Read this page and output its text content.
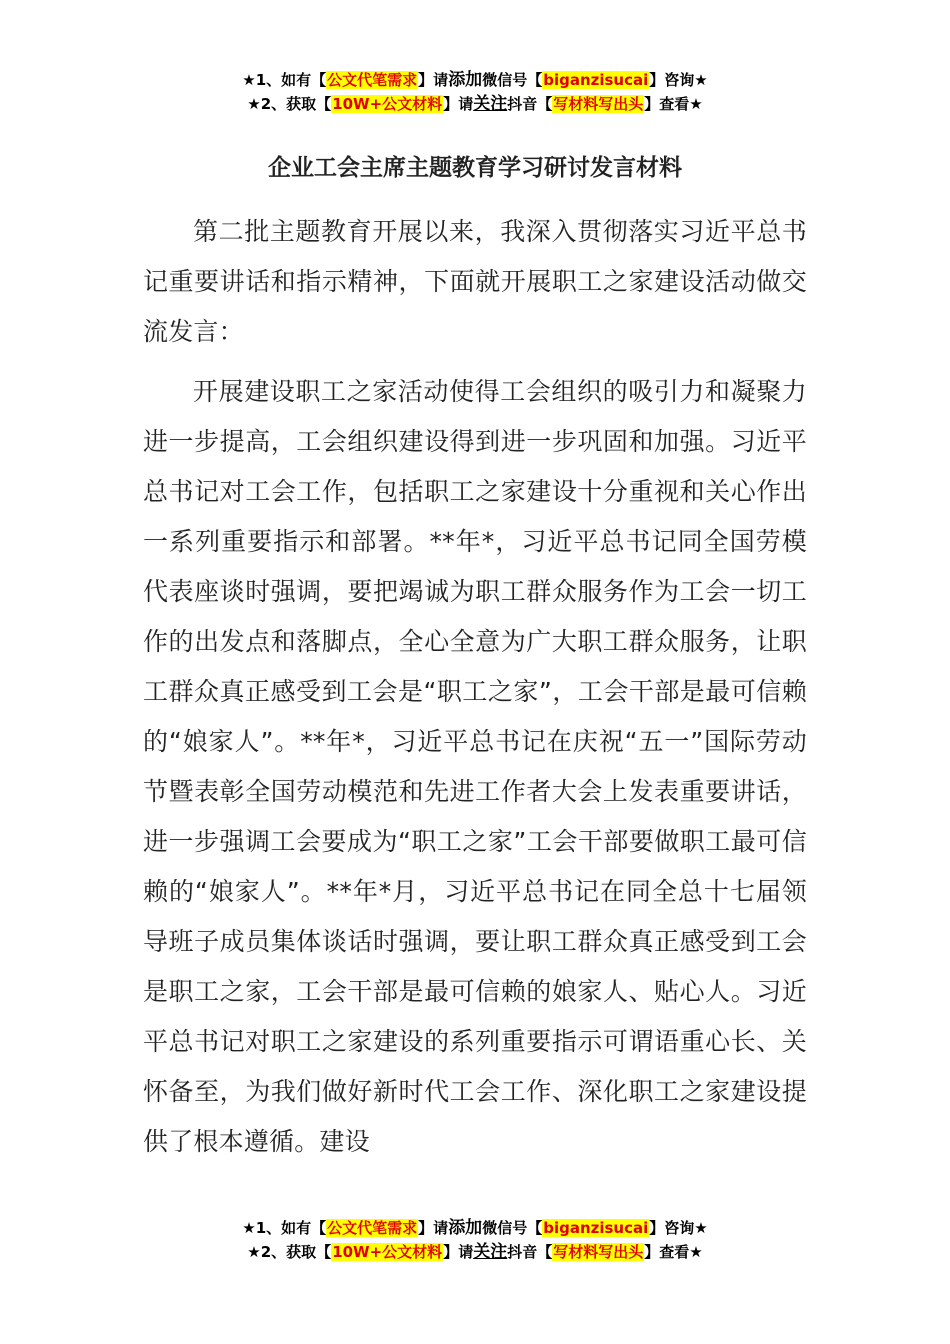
★1、如有【公文代笔需求】请添加微信号【biganzisucai】咨询★
★2、获取【10W+公文材料】请关注抖音【写材料写出头】查看★
企业工会主席主题教育学习研讨发言材料

第二批主题教育开展以来，我深入贯彻落实习近平总书记重要讲话和指示精神，下面就开展职工之家建设活动做交流发言：

开展建设职工之家活动使得工会组织的吸引力和凝聚力进一步提高，工会组织建设得到进一步巩固和加强。习近平总书记对工会工作，包括职工之家建设十分重视和关心作出一系列重要指示和部署。**年*，习近平总书记同全国劳模代表座谈时强调，要把竭诚为职工群众服务作为工会一切工作的出发点和落脚点，全心全意为广大职工群众服务，让职工群众真正感受到工会是“职工之家”，工会干部是最可信赖的“娘家人”。**年*，习近平总书记在庆祝“五一”国际劳动节暨表彰全国劳动模范和先进工作者大会上发表重要讲话，进一步强调工会要成为“职工之家”工会干部要做职工最可信赖的“娘家人”。**年*月，习近平总书记在同全总十七届领导班子成员集体谈话时强调，要让职工群众真正感受到工会是职工之家，工会干部是最可信赖的娘家人、贴心人。习近平总书记对职工之家建设的系列重要指示可谓语重心长、关怀备至，为我们做好新时代工会工作、深化职工之家建设提供了根本遵循。建设

★1、如有【公文代笔需求】请添加微信号【biganzisucai】咨询★
★2、获取【10W+公文材料】请关注抖音【写材料写出头】查看★
